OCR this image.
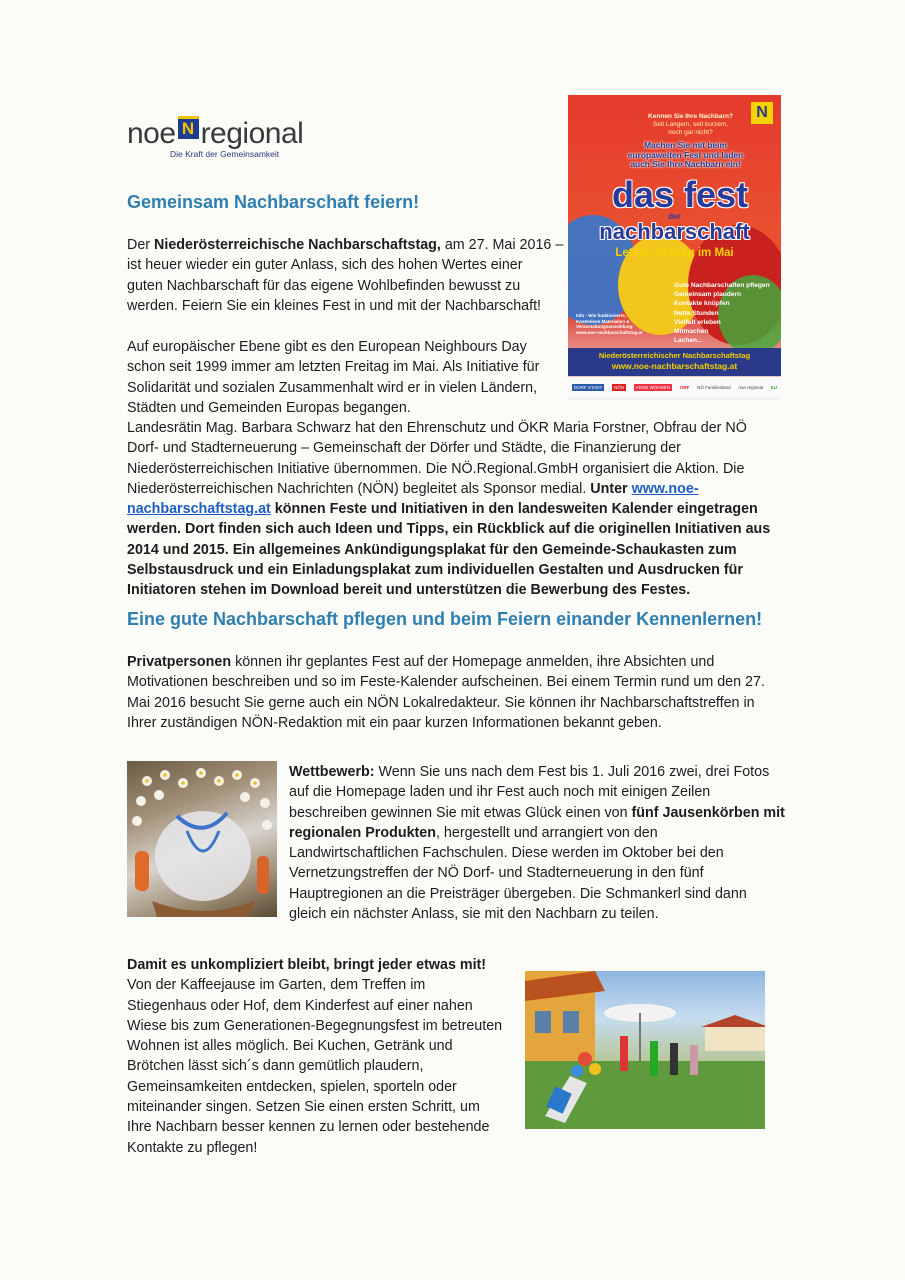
noe N regional
Die Kraft der Gemeinsamkeit
Gemeinsam Nachbarschaft feiern!
Der Niederösterreichische Nachbarschaftstag, am 27. Mai 2016 –
ist heuer wieder ein guter Anlass, sich des hohen Wertes einer
guten Nachbarschaft für das eigene Wohlbefinden bewusst zu
werden. Feiern Sie ein kleines Fest in und mit der Nachbarschaft!
Auf europäischer Ebene gibt es den European Neighbours Day
schon seit 1999 immer am letzten Freitag im Mai. Als Initiative für
Solidarität und sozialen Zusammenhalt wird er in vielen Ländern,
Städten und Gemeinden Europas begangen.
Landesrätin Mag. Barbara Schwarz hat den Ehrenschutz und ÖKR Maria Forstner, Obfrau der NÖ
Dorf- und Stadterneuerung – Gemeinschaft der Dörfer und Städte, die Finanzierung der
Niederösterreichischen Initiative übernommen. Die NÖ.Regional.GmbH organisiert die Aktion. Die
Niederösterreichischen Nachrichten (NÖN) begleitet als Sponsor medial. Unter www.noe-
nachbarschaftstag.at können Feste und Initiativen in den landesweiten Kalender eingetragen
werden. Dort finden sich auch Ideen und Tipps, ein Rückblick auf die originellen Initiativen aus
2014 und 2015. Ein allgemeines Ankündigungsplakat für den Gemeinde-Schaukasten zum
Selbstausdruck und ein Einladungsplakat zum individuellen Gestalten und Ausdrucken für
Initiatoren stehen im Download bereit und unterstützen die Bewerbung des Festes.
Eine gute Nachbarschaft pflegen und beim Feiern einander Kennenlernen!
Privatpersonen können ihr geplantes Fest auf der Homepage anmelden, ihre Absichten und
Motivationen beschreiben und so im Feste-Kalender aufscheinen. Bei einem Termin rund um den 27.
Mai 2016 besucht Sie gerne auch ein NÖN Lokalredakteur. Sie können ihr Nachbarschaftstreffen in
Ihrer zuständigen NÖN-Redaktion mit ein paar kurzen Informationen bekannt geben.
Wettbewerb: Wenn Sie uns nach dem Fest bis 1. Juli 2016 zwei, drei Fotos
auf die Homepage laden und ihr Fest auch noch mit einigen Zeilen
beschreiben gewinnen Sie mit etwas Glück einen von fünf Jausenkörben mit
regionalen Produkten, hergestellt und arrangiert von den
Landwirtschaftlichen Fachschulen. Diese werden im Oktober bei den
Vernetzungstreffen der NÖ Dorf- und Stadterneuerung in den fünf
Hauptregionen an die Preisträger übergeben. Die Schmankerl sind dann
gleich ein nächster Anlass, sie mit den Nachbarn zu teilen.
Damit es unkompliziert bleibt, bringt jeder etwas mit!
Von der Kaffeejause im Garten, dem Treffen im
Stiegenhaus oder Hof, dem Kinderfest auf einer nahen
Wiese bis zum Generationen-Begegnungsfest im betreuten
Wohnen ist alles möglich. Bei Kuchen, Getränk und
Brötchen lässt sich´s dann gemütlich plaudern,
Gemeinsamkeiten entdecken, spielen, sporteln oder
miteinander singen. Setzen Sie einen ersten Schritt, um
Ihre Nachbarn besser kennen zu lernen oder bestehende
Kontakte zu pflegen!
N
Kennen Sie Ihre Nachbarn?
Seit Langem, seit kurzem,
noch gar nicht?
Machen Sie mit beim
europaweiten Fest und laden
auch Sie Ihre Nachbarn ein!
das fest
der
nachbarschaft
Letzter Freitag im Mai
Gute Nachbarschaften pflegen
Gemeinsam plaudern
Kontakte knüpfen
Nette Stunden
Vielfalt erleben
Mitmachen
Lachen...
Info - Wie funktionierts,
Kostenlose Materialien &
Veranstaltungsanmeldung:
www.noe-nachbarschaftstag.at
Niederösterreichischer Nachbarschaftstag
www.noe-nachbarschaftstag.at
DORF STADT	NÖN	ARGE WOHNEN	ORF NÖ Familienland noe regional EU
